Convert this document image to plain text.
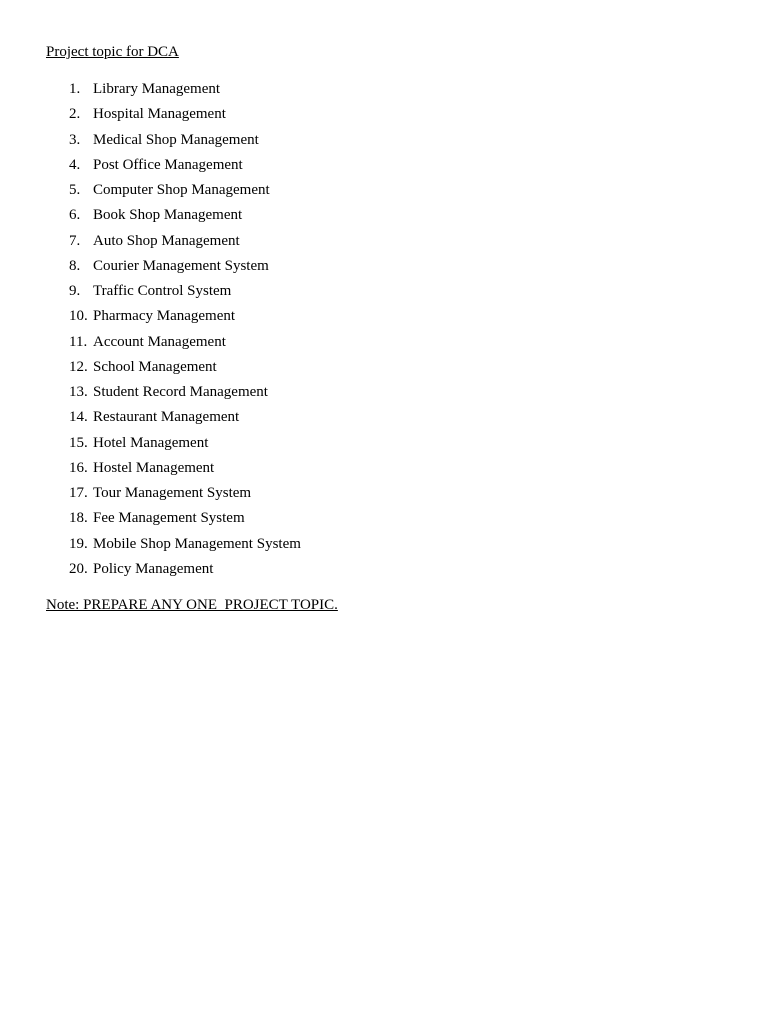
Project topic for DCA
1. Library Management
2. Hospital Management
3. Medical Shop Management
4. Post Office Management
5. Computer Shop Management
6. Book Shop Management
7. Auto Shop Management
8. Courier Management System
9. Traffic Control System
10. Pharmacy Management
11. Account Management
12. School Management
13. Student Record Management
14. Restaurant Management
15. Hotel Management
16. Hostel Management
17. Tour Management System
18. Fee Management System
19. Mobile Shop Management System
20. Policy Management
Note: PREPARE ANY ONE  PROJECT TOPIC.
